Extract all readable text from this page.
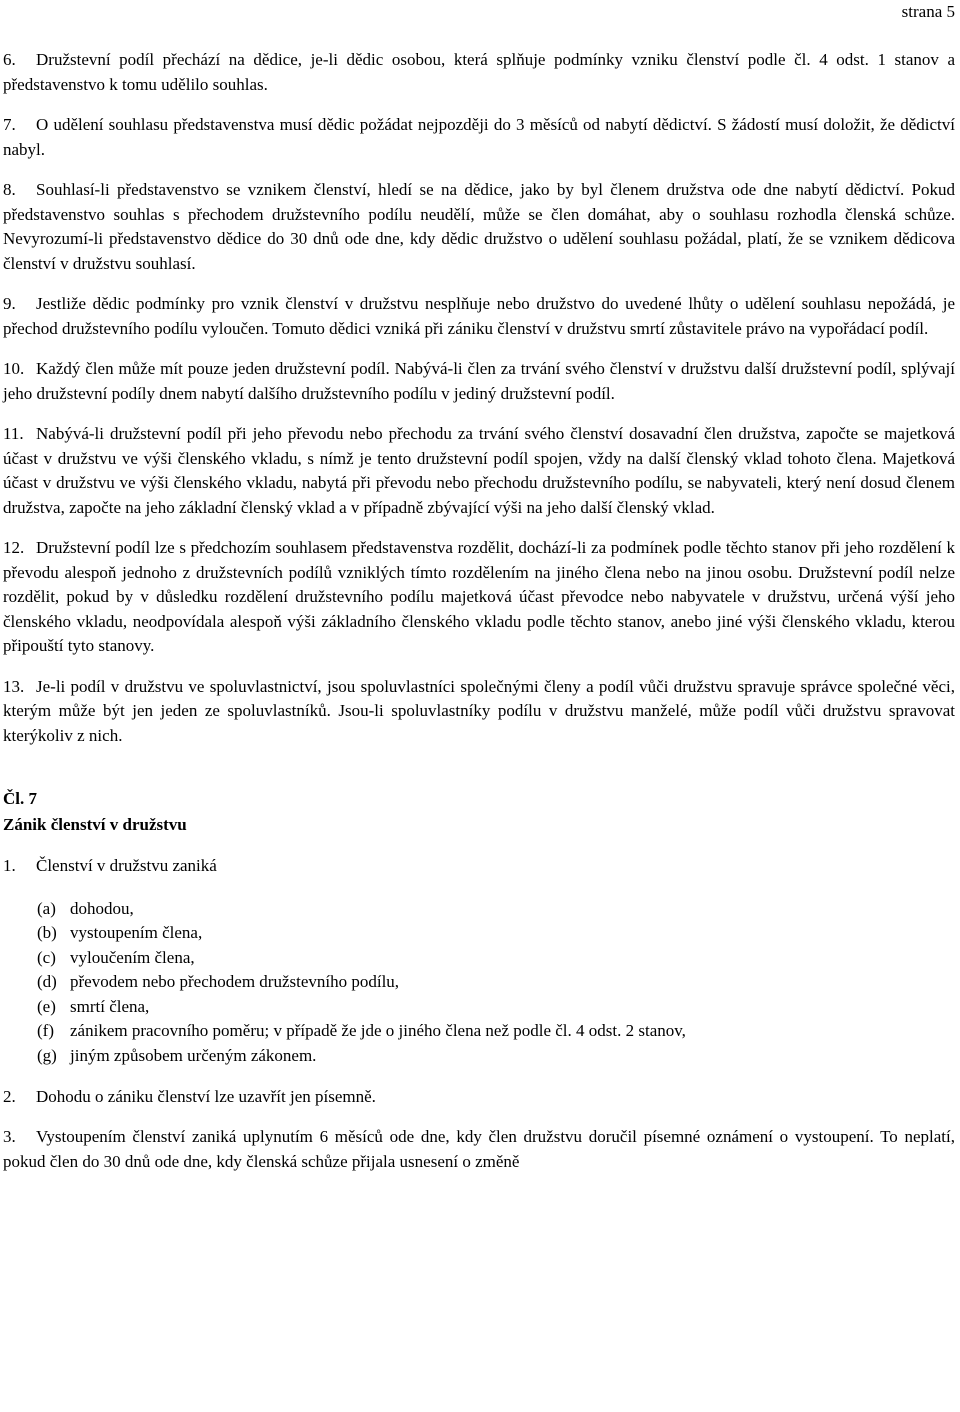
strana 5
6. Družstevní podíl přechází na dědice, je-li dědic osobou, která splňuje podmínky vzniku členství podle čl. 4 odst. 1 stanov a představenstvo k tomu udělilo souhlas.
7. O udělení souhlasu představenstva musí dědic požádat nejpozději do 3 měsíců od nabytí dědictví. S žádostí musí doložit, že dědictví nabyl.
8. Souhlasí-li představenstvo se vznikem členství, hledí se na dědice, jako by byl členem družstva ode dne nabytí dědictví. Pokud představenstvo souhlas s přechodem družstevního podílu neudělí, může se člen domáhat, aby o souhlasu rozhodla členská schůze. Nevyrozumí-li představenstvo dědice do 30 dnů ode dne, kdy dědic družstvo o udělení souhlasu požádal, platí, že se vznikem dědicova členství v družstvu souhlasí.
9. Jestliže dědic podmínky pro vznik členství v družstvu nesplňuje nebo družstvo do uvedené lhůty o udělení souhlasu nepožádá, je přechod družstevního podílu vyloučen. Tomuto dědici vzniká při zániku členství v družstvu smrtí zůstavitele právo na vypořádací podíl.
10. Každý člen může mít pouze jeden družstevní podíl. Nabývá-li člen za trvání svého členství v družstvu další družstevní podíl, splývají jeho družstevní podíly dnem nabytí dalšího družstevního podílu v jediný družstevní podíl.
11. Nabývá-li družstevní podíl při jeho převodu nebo přechodu za trvání svého členství dosavadní člen družstva, započte se majetková účast v družstvu ve výši členského vkladu, s nímž je tento družstevní podíl spojen, vždy na další členský vklad tohoto člena. Majetková účast v družstvu ve výši členského vkladu, nabytá při převodu nebo přechodu družstevního podílu, se nabyvateli, který není dosud členem družstva, započte na jeho základní členský vklad a v případně zbývající výši na jeho další členský vklad.
12. Družstevní podíl lze s předchozím souhlasem představenstva rozdělit, dochází-li za podmínek podle těchto stanov při jeho rozdělení k převodu alespoň jednoho z družstevních podílů vzniklých tímto rozdělením na jiného člena nebo na jinou osobu. Družstevní podíl nelze rozdělit, pokud by v důsledku rozdělení družstevního podílu majetková účast převodce nebo nabyvatele v družstvu, určená výší jeho členského vkladu, neodpovídala alespoň výši základního členského vkladu podle těchto stanov, anebo jiné výši členského vkladu, kterou připouští tyto stanovy.
13. Je-li podíl v družstvu ve spoluvlastnictví, jsou spoluvlastníci společnými členy a podíl vůči družstvu spravuje správce společné věci, kterým může být jen jeden ze spoluvlastníků. Jsou-li spoluvlastníky podílu v družstvu manželé, může podíl vůči družstvu spravovat kterýkoliv z nich.
Čl. 7
Zánik členství v družstvu
1. Členství v družstvu zaniká
(a) dohodou,
(b) vystoupením člena,
(c) vyloučením člena,
(d) převodem nebo přechodem družstevního podílu,
(e) smrtí člena,
(f) zánikem pracovního poměru; v případě že jde o jiného člena než podle čl. 4 odst. 2 stanov,
(g) jiným způsobem určeným zákonem.
2. Dohodu o zániku členství lze uzavřít jen písemně.
3. Vystoupením členství zaniká uplynutím 6 měsíců ode dne, kdy člen družstvu doručil písemné oznámení o vystoupení. To neplatí, pokud člen do 30 dnů ode dne, kdy členská schůze přijala usnesení o změně
